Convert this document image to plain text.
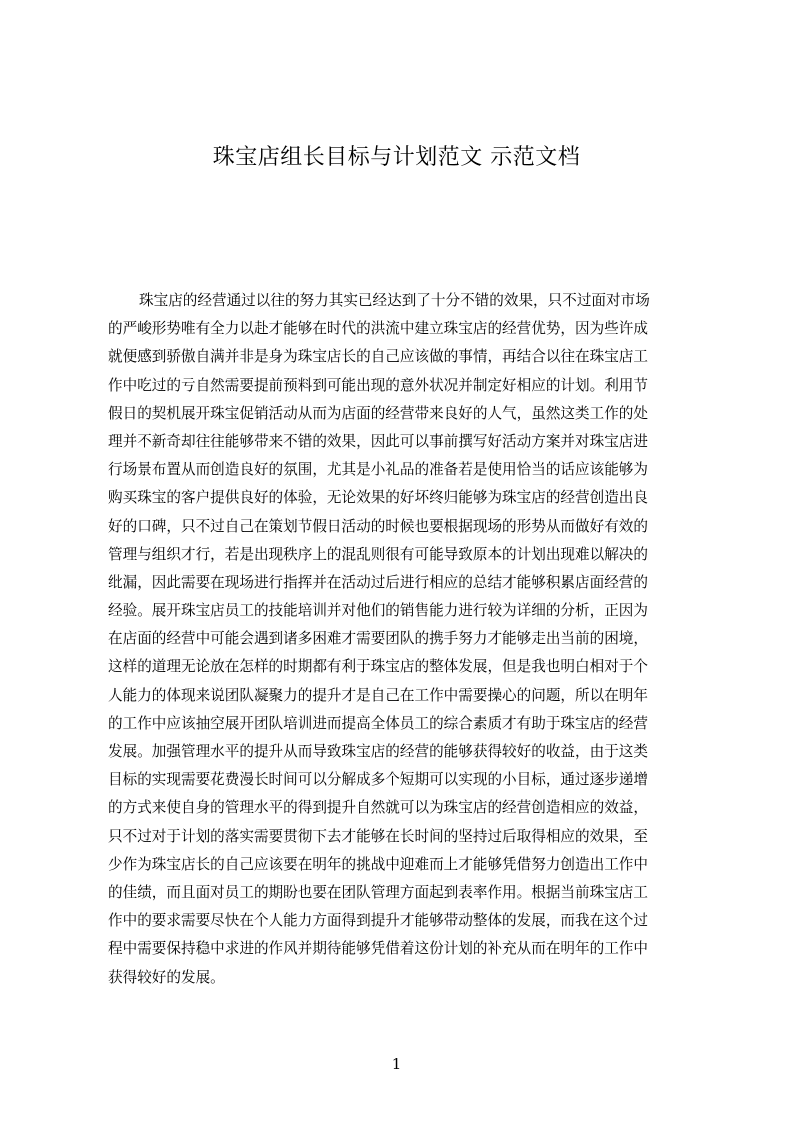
珠宝店组长目标与计划范文 示范文档
珠宝店的经营通过以往的努力其实已经达到了十分不错的效果，只不过面对市场
的严峻形势唯有全力以赴才能够在时代的洪流中建立珠宝店的经营优势，因为些许成
就便感到骄傲自满并非是身为珠宝店长的自己应该做的事情，再结合以往在珠宝店工
作中吃过的亏自然需要提前预料到可能出现的意外状况并制定好相应的计划。利用节
假日的契机展开珠宝促销活动从而为店面的经营带来良好的人气，虽然这类工作的处
理并不新奇却往往能够带来不错的效果，因此可以事前撰写好活动方案并对珠宝店进
行场景布置从而创造良好的氛围，尤其是小礼品的准备若是使用恰当的话应该能够为
购买珠宝的客户提供良好的体验，无论效果的好坏终归能够为珠宝店的经营创造出良
好的口碑，只不过自己在策划节假日活动的时候也要根据现场的形势从而做好有效的
管理与组织才行，若是出现秩序上的混乱则很有可能导致原本的计划出现难以解决的
纰漏，因此需要在现场进行指挥并在活动过后进行相应的总结才能够积累店面经营的
经验。展开珠宝店员工的技能培训并对他们的销售能力进行较为详细的分析，正因为
在店面的经营中可能会遇到诸多困难才需要团队的携手努力才能够走出当前的困境，
这样的道理无论放在怎样的时期都有利于珠宝店的整体发展，但是我也明白相对于个
人能力的体现来说团队凝聚力的提升才是自己在工作中需要操心的问题，所以在明年
的工作中应该抽空展开团队培训进而提高全体员工的综合素质才有助于珠宝店的经营
发展。加强管理水平的提升从而导致珠宝店的经营的能够获得较好的收益，由于这类
目标的实现需要花费漫长时间可以分解成多个短期可以实现的小目标，通过逐步递增
的方式来使自身的管理水平的得到提升自然就可以为珠宝店的经营创造相应的效益，
只不过对于计划的落实需要贯彻下去才能够在长时间的坚持过后取得相应的效果，至
少作为珠宝店长的自己应该要在明年的挑战中迎难而上才能够凭借努力创造出工作中
的佳绩，而且面对员工的期盼也要在团队管理方面起到表率作用。根据当前珠宝店工
作中的要求需要尽快在个人能力方面得到提升才能够带动整体的发展，而我在这个过
程中需要保持稳中求进的作风并期待能够凭借着这份计划的补充从而在明年的工作中
获得较好的发展。
1
